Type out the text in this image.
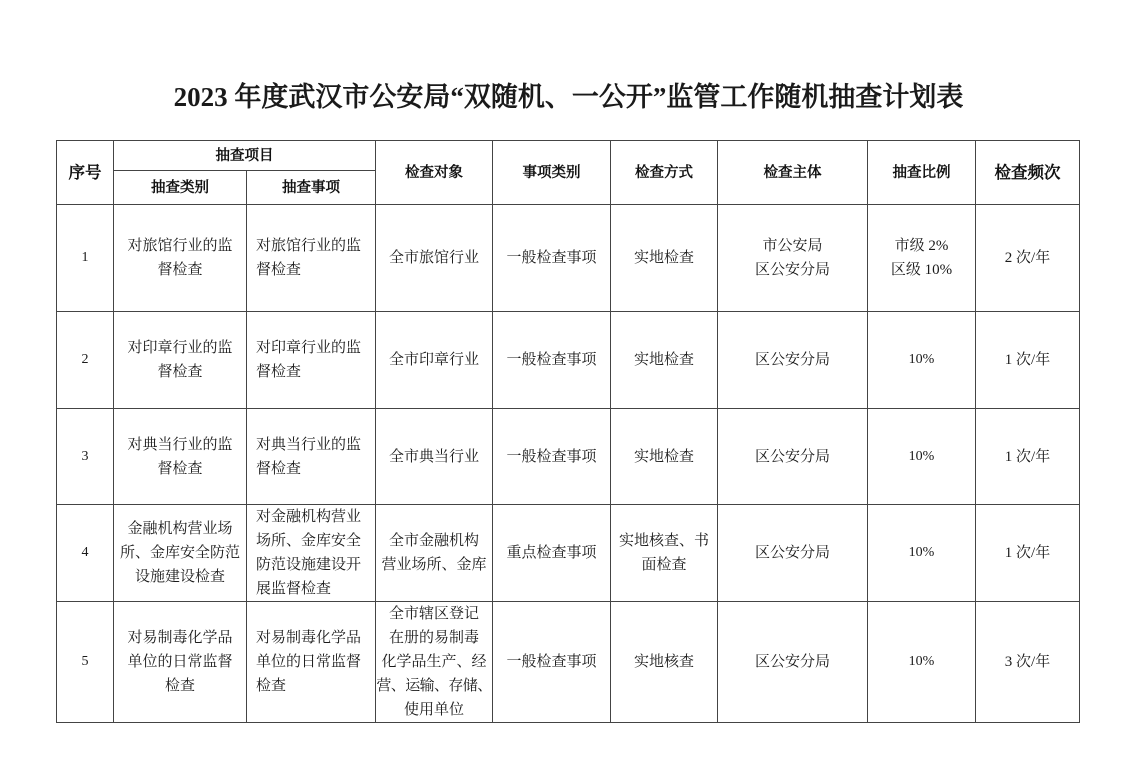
2023 年度武汉市公安局“双随机、一公开”监管工作随机抽查计划表
序号	抽查项目		检查对象	事项类别	检查方式	检查主体	抽查比例	检查频次
	抽查类别	抽查事项						
1	对旅馆行业的监
督检查	对旅馆行业的监
督检查	全市旅馆行业	一般检查事项	实地检查	市公安局
区公安分局	市级 2%
区级 10%	2 次/年
2	对印章行业的监
督检查	对印章行业的监
督检查	全市印章行业	一般检查事项	实地检查	区公安分局	10%	1 次/年
3	对典当行业的监
督检查	对典当行业的监
督检查	全市典当行业	一般检查事项	实地检查	区公安分局	10%	1 次/年
4	金融机构营业场
所、金库安全防范
设施建设检查	对金融机构营业
场所、金库安全
防范设施建设开
展监督检查	全市金融机构
营业场所、金库	重点检查事项	实地核查、书
面检查	区公安分局	10%	1 次/年
5	对易制毒化学品
单位的日常监督
检查	对易制毒化学品
单位的日常监督
检查	全市辖区登记
在册的易制毒
化学品生产、经
营、运输、存储、
使用单位	一般检查事项	实地核查	区公安分局	10%	3 次/年
